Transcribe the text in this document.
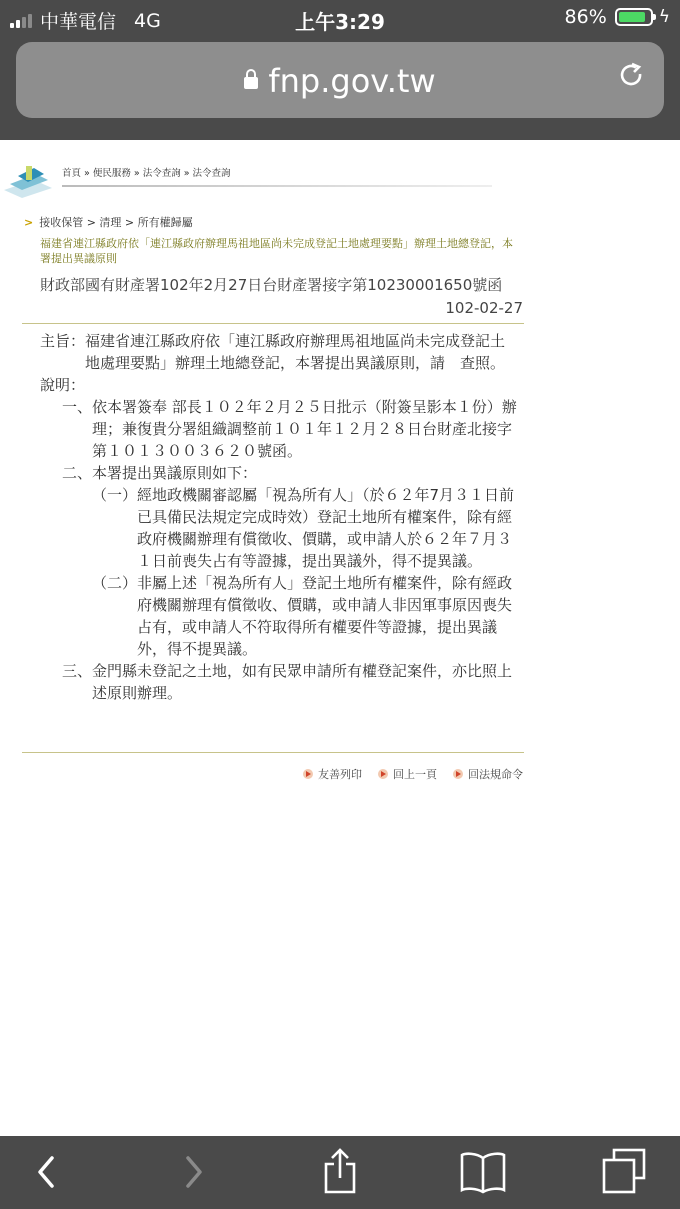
中華電信 4G	上午3:29	86%	ϟ
fnp.gov.tw
首頁 » 便民服務 » 法令查詢 » 法令查詢
> 接收保管 > 清理 > 所有權歸屬
福建省連江縣政府依「連江縣政府辦理馬祖地區尚未完成登記土地處理要點」辦理土地總登記，本署提出異議原則
財政部國有財產署102年2月27日台財產署接字第10230001650號函
102-02-27
主旨： 福建省連江縣政府依「連江縣政府辦理馬祖地區尚未完成登記土地處理要點」辦理土地總登記，本署提出異議原則，請　查照。
說明：
一、 依本署簽奉 部長１０２年２月２５日批示（附簽呈影本１份）辦理；兼復貴分署組織調整前１０１年１２月２８日台財產北接字第１０１３００３６２０號函。
二、 本署提出異議原則如下：
（一） 經地政機關審認屬「視為所有人」（於６２年7月３１日前已具備民法規定完成時效）登記土地所有權案件，除有經政府機關辦理有償徵收、價購，或申請人於６２年７月３１日前喪失占有等證據，提出異議外，得不提異議。
（二） 非屬上述「視為所有人」登記土地所有權案件，除有經政府機關辦理有償徵收、價購，或申請人非因軍事原因喪失占有，或申請人不符取得所有權要件等證據，提出異議外，得不提異議。
三、 金門縣未登記之土地，如有民眾申請所有權登記案件，亦比照上述原則辦理。
友善列印	回上一頁	回法規命令
